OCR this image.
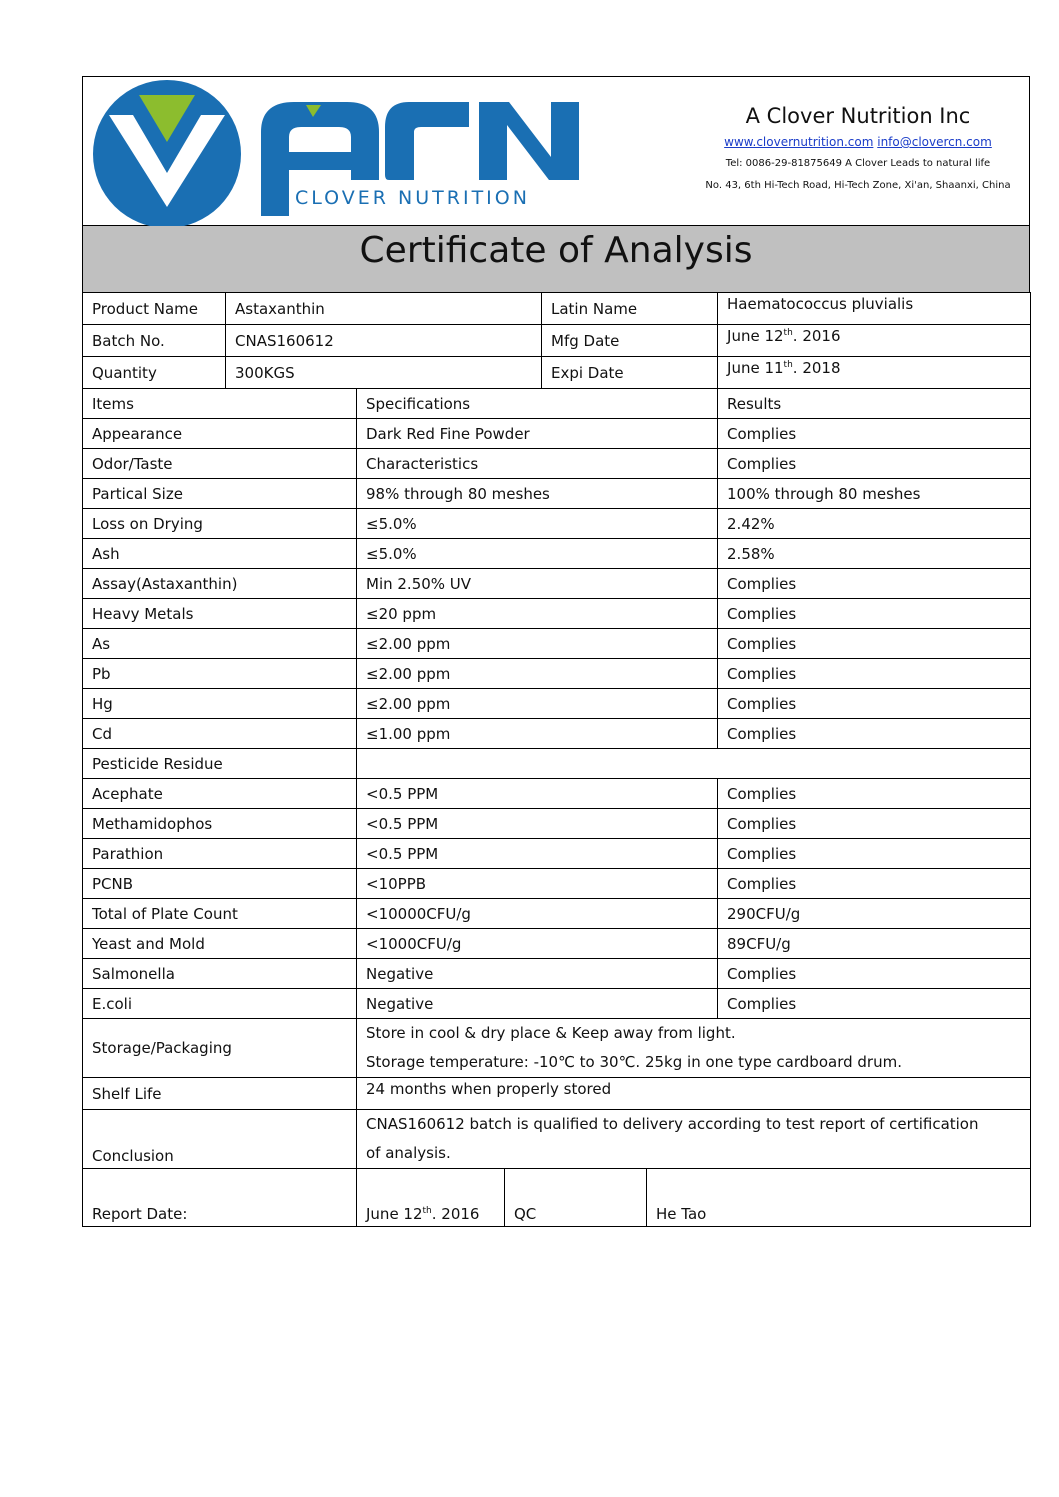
CLOVER NUTRITION
A Clover Nutrition Inc
www.clovernutrition.com info@clovercn.com
Tel: 0086-29-81875649 A Clover Leads to natural life
No. 43, 6th Hi-Tech Road, Hi-Tech Zone, Xi'an, Shaanxi, China
Certificate of Analysis
Product Name	Astaxanthin			Latin Name		Haematococcus pluvialis
Batch No.	CNAS160612			Mfg Date		June 12th. 2016
Quantity	300KGS			Expi Date		June 11th. 2018
Items		Specifications				Results
Appearance		Dark Red Fine Powder				Complies
Odor/Taste		Characteristics				Complies
Partical Size		98% through 80 meshes				100% through 80 meshes
Loss on Drying		≤5.0%				2.42%
Ash		≤5.0%				2.58%
Assay(Astaxanthin)		Min 2.50% UV				Complies
Heavy Metals		≤20 ppm				Complies
As		≤2.00 ppm				Complies
Pb		≤2.00 ppm				Complies
Hg		≤2.00 ppm				Complies
Cd		≤1.00 ppm				Complies
Pesticide Residue						
Acephate		<0.5 PPM				Complies
Methamidophos		<0.5 PPM				Complies
Parathion		<0.5 PPM				Complies
PCNB		<10PPB				Complies
Total of Plate Count		<10000CFU/g				290CFU/g
Yeast and Mold		<1000CFU/g				89CFU/g
Salmonella		Negative				Complies
E.coli		Negative				Complies
Storage/Packaging		Store in cool & dry place & Keep away from light.
Storage temperature: -10℃ to 30℃. 25kg in one type cardboard drum.				

Shelf Life		24 months when properly stored				
Conclusion		CNAS160612 batch is qualified to delivery according to test report of certification
of analysis.				

Report Date:		June 12th. 2016	QC		He Tao	
